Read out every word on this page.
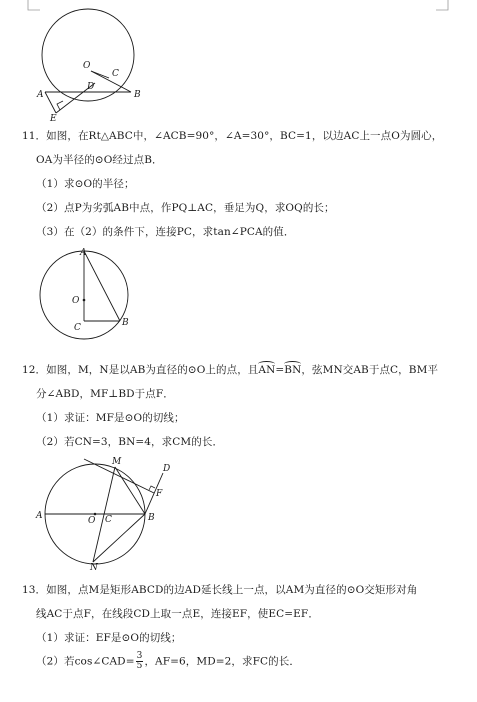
O
C
A
D
B
E
11．如图，在Rt△ABC中，∠ACB=90°，∠A=30°，BC=1，以边AC上一点O为圆心，
OA为半径的⊙O经过点B．
（1）求⊙O的半径；
（2）点P为劣弧AB中点，作PQ⊥AC，垂足为Q，求OQ的长；
（3）在（2）的条件下，连接PC，求tan∠PCA的值．
A
O
C	B
12．如图，M，N是以AB为直径的⊙O上的点，且AN=BN，弦MN交AB于点C，BM平
分∠ABD，MF⊥BD于点F．
（1）求证：MF是⊙O的切线；
（2）若CN=3，BN=4，求CM的长．
M
D
F
A	O C	B
N
13．如图，点M是矩形ABCD的边AD延长线上一点，以AM为直径的⊙O交矩形对角
线AC于点F，在线段CD上取一点E，连接EF，使EC=EF．
（1）求证：EF是⊙O的切线；
（2）若cos∠CAD= $\frac{3}{5}$ ，AF=6，MD=2，求FC的长．
